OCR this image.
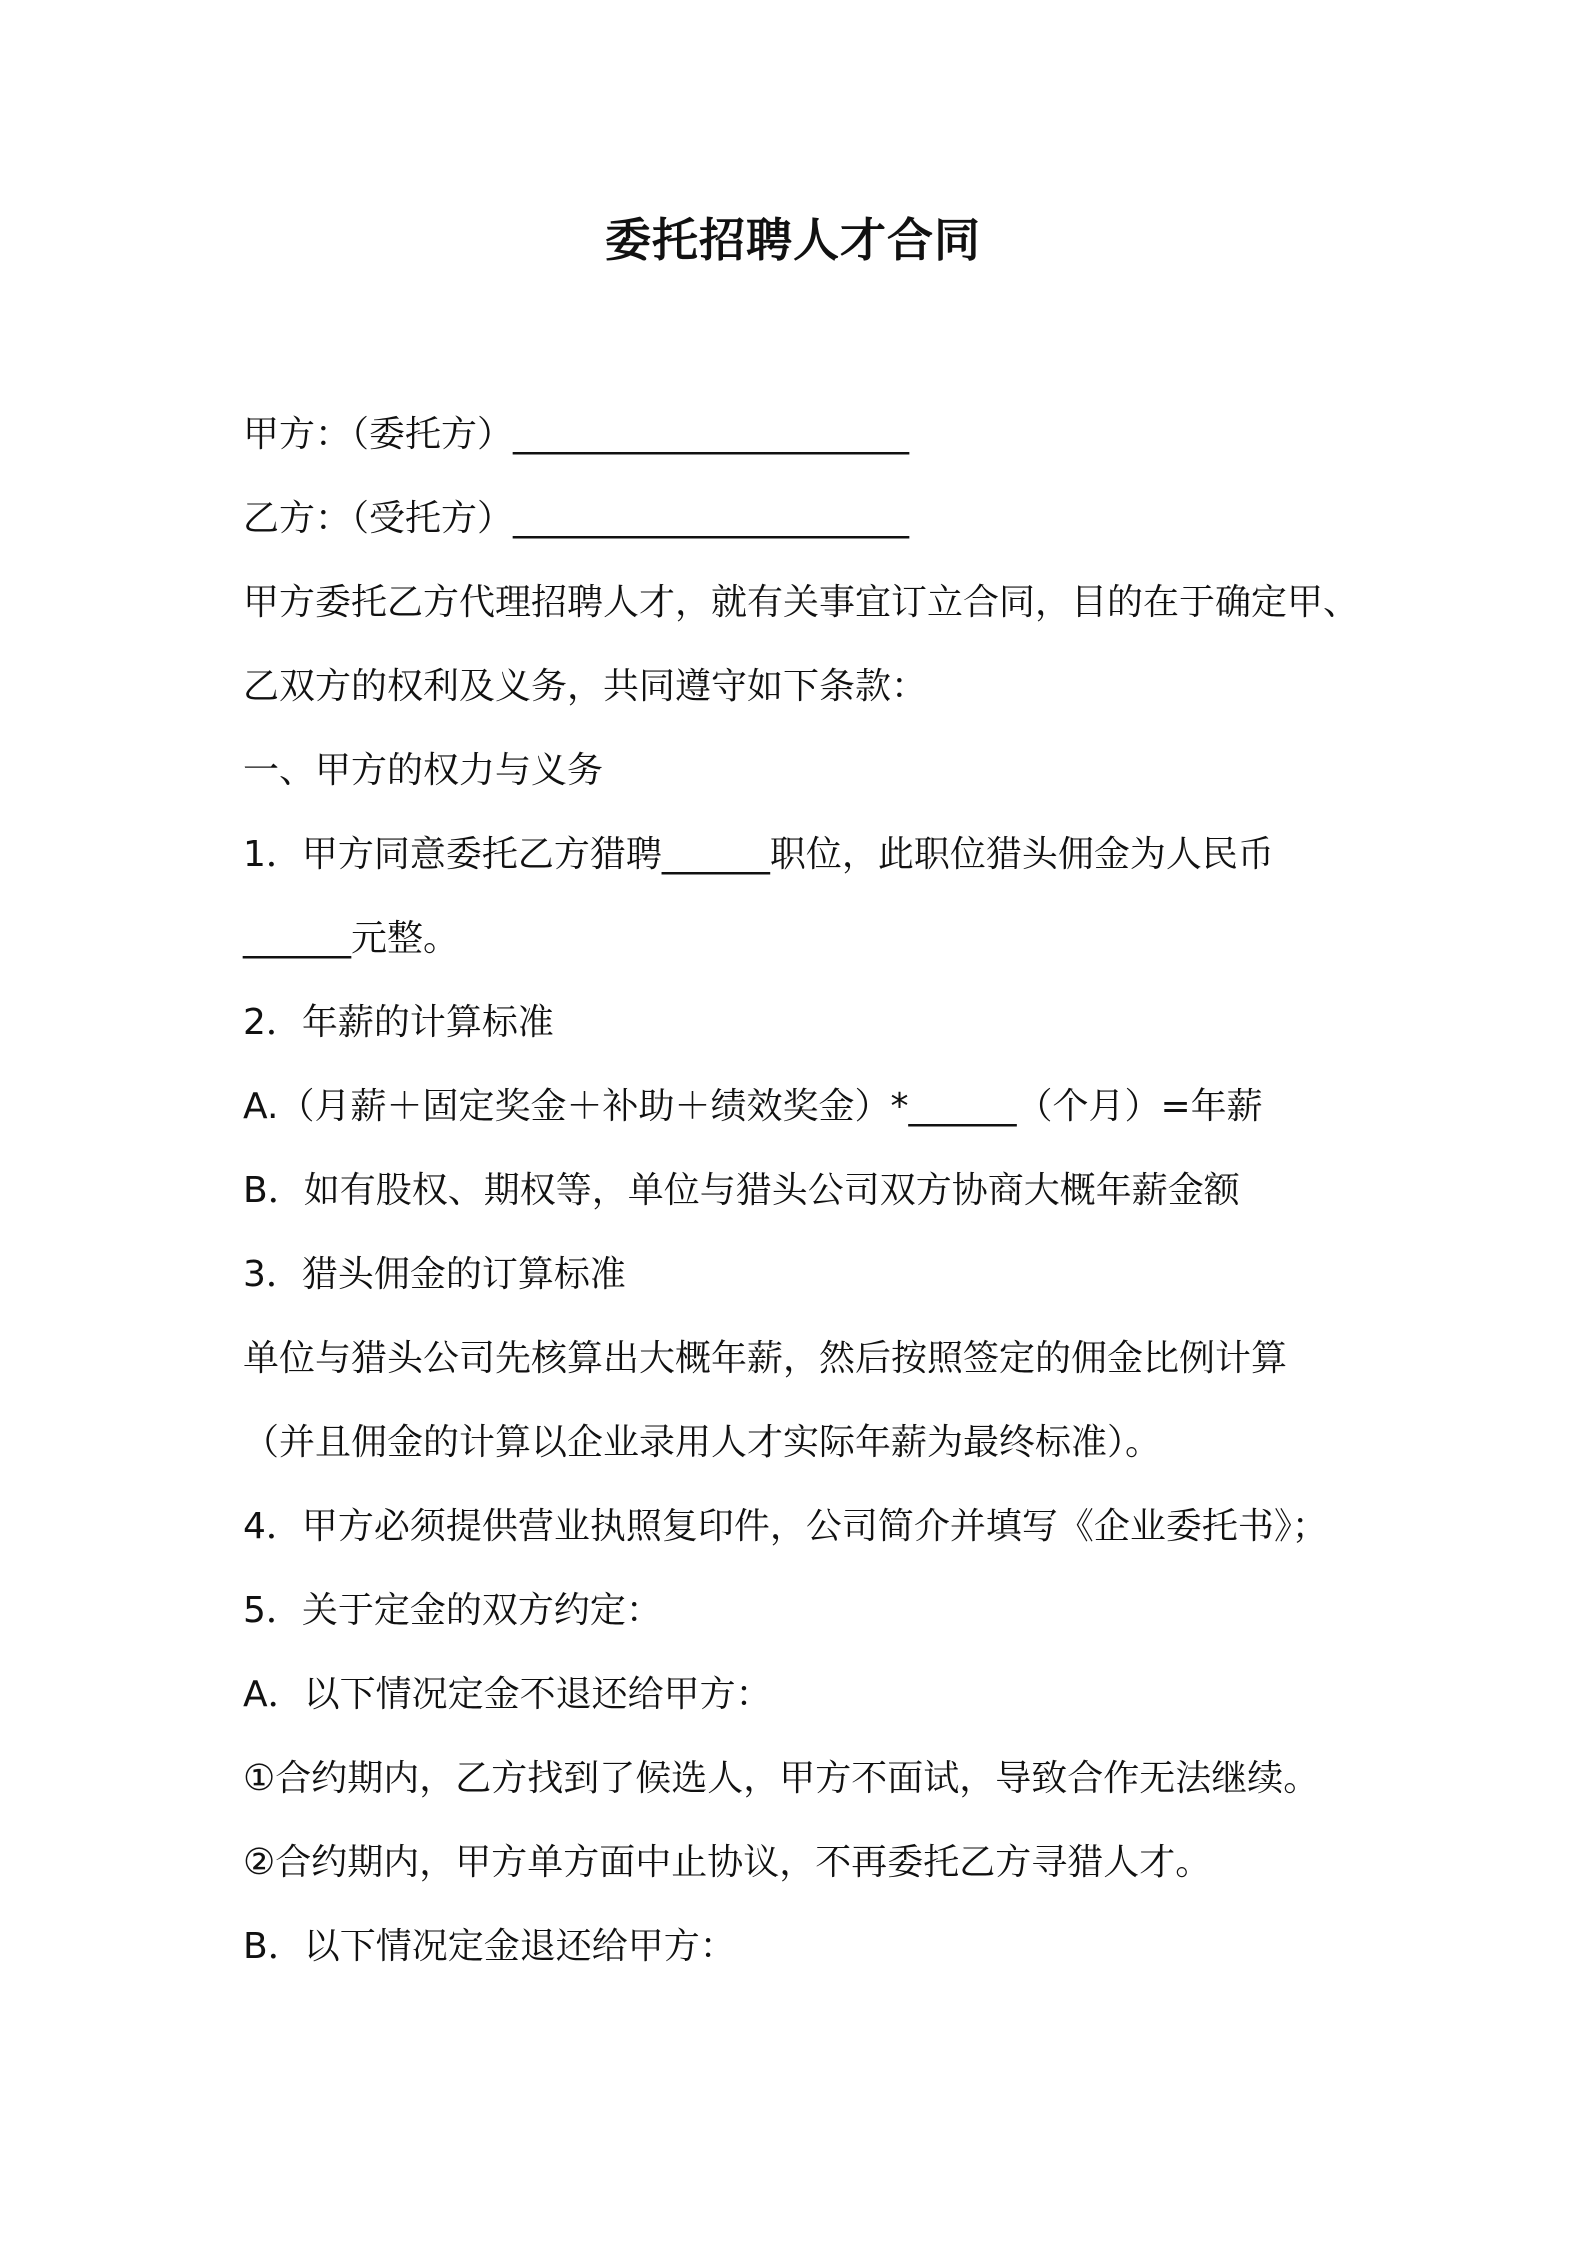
委托招聘人才合同
甲方：（委托方）______________________
乙方：（受托方）______________________
甲方委托乙方代理招聘人才，就有关事宜订立合同，目的在于确定甲、
乙双方的权利及义务，共同遵守如下条款：
一、甲方的权力与义务
1．甲方同意委托乙方猎聘______职位，此职位猎头佣金为人民币
______元整。
2．年薪的计算标准
A.（月薪＋固定奖金＋补助＋绩效奖金）*______（个月）=年薪
B．如有股权、期权等，单位与猎头公司双方协商大概年薪金额
3．猎头佣金的订算标准
单位与猎头公司先核算出大概年薪，然后按照签定的佣金比例计算
（并且佣金的计算以企业录用人才实际年薪为最终标准）。
4．甲方必须提供营业执照复印件，公司简介并填写《企业委托书》；
5．关于定金的双方约定：
A．以下情况定金不退还给甲方：
①合约期内，乙方找到了候选人，甲方不面试，导致合作无法继续。
②合约期内，甲方单方面中止协议，不再委托乙方寻猎人才。
B．以下情况定金退还给甲方：
